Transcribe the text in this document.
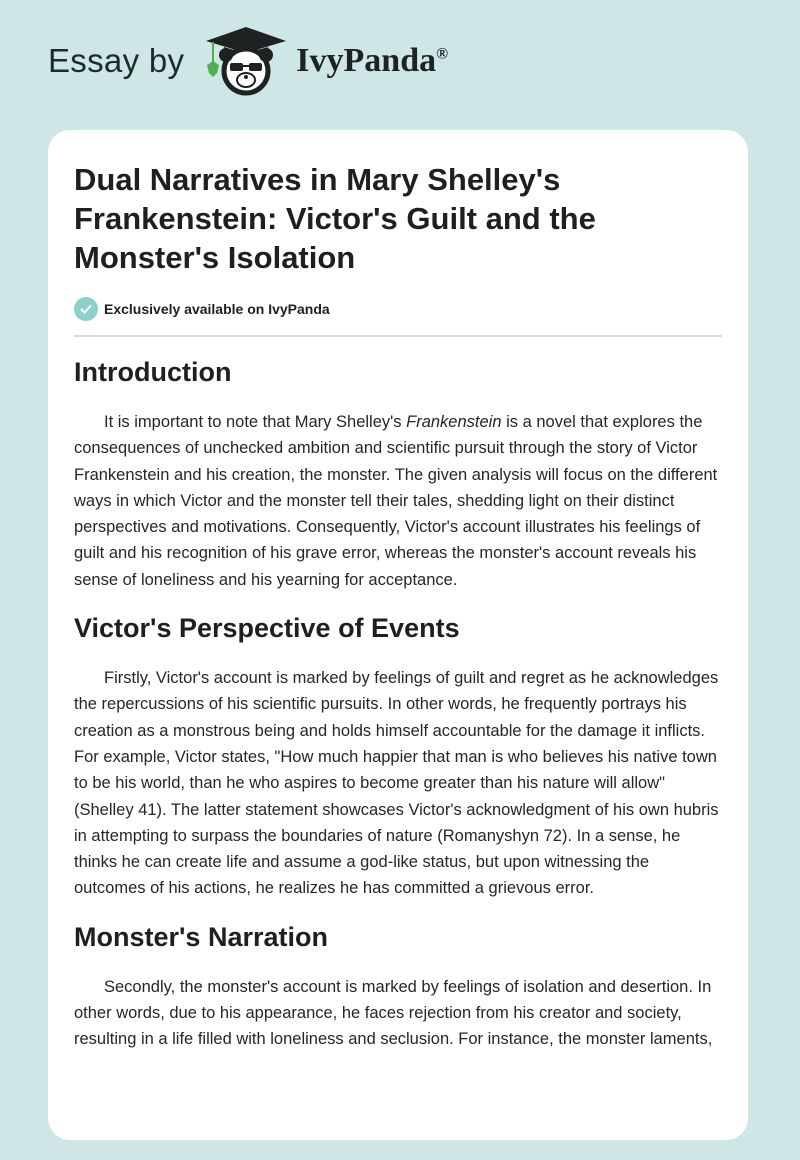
Essay by	IvyPanda®
Dual Narratives in Mary Shelley's Frankenstein: Victor's Guilt and the Monster's Isolation
Exclusively available on IvyPanda
Introduction

It is important to note that Mary Shelley's Frankenstein is a novel that explores the consequences of unchecked ambition and scientific pursuit through the story of Victor Frankenstein and his creation, the monster. The given analysis will focus on the different ways in which Victor and the monster tell their tales, shedding light on their distinct perspectives and motivations. Consequently, Victor's account illustrates his feelings of guilt and his recognition of his grave error, whereas the monster's account reveals his sense of loneliness and his yearning for acceptance.

Victor's Perspective of Events

Firstly, Victor's account is marked by feelings of guilt and regret as he acknowledges the repercussions of his scientific pursuits. In other words, he frequently portrays his creation as a monstrous being and holds himself accountable for the damage it inflicts. For example, Victor states, "How much happier that man is who believes his native town to be his world, than he who aspires to become greater than his nature will allow" (Shelley 41). The latter statement showcases Victor's acknowledgment of his own hubris in attempting to surpass the boundaries of nature (Romanyshyn 72). In a sense, he thinks he can create life and assume a god-like status, but upon witnessing the outcomes of his actions, he realizes he has committed a grievous error.

Monster's Narration

Secondly, the monster's account is marked by feelings of isolation and desertion. In other words, due to his appearance, he faces rejection from his creator and society, resulting in a life filled with loneliness and seclusion. For instance, the monster laments,
